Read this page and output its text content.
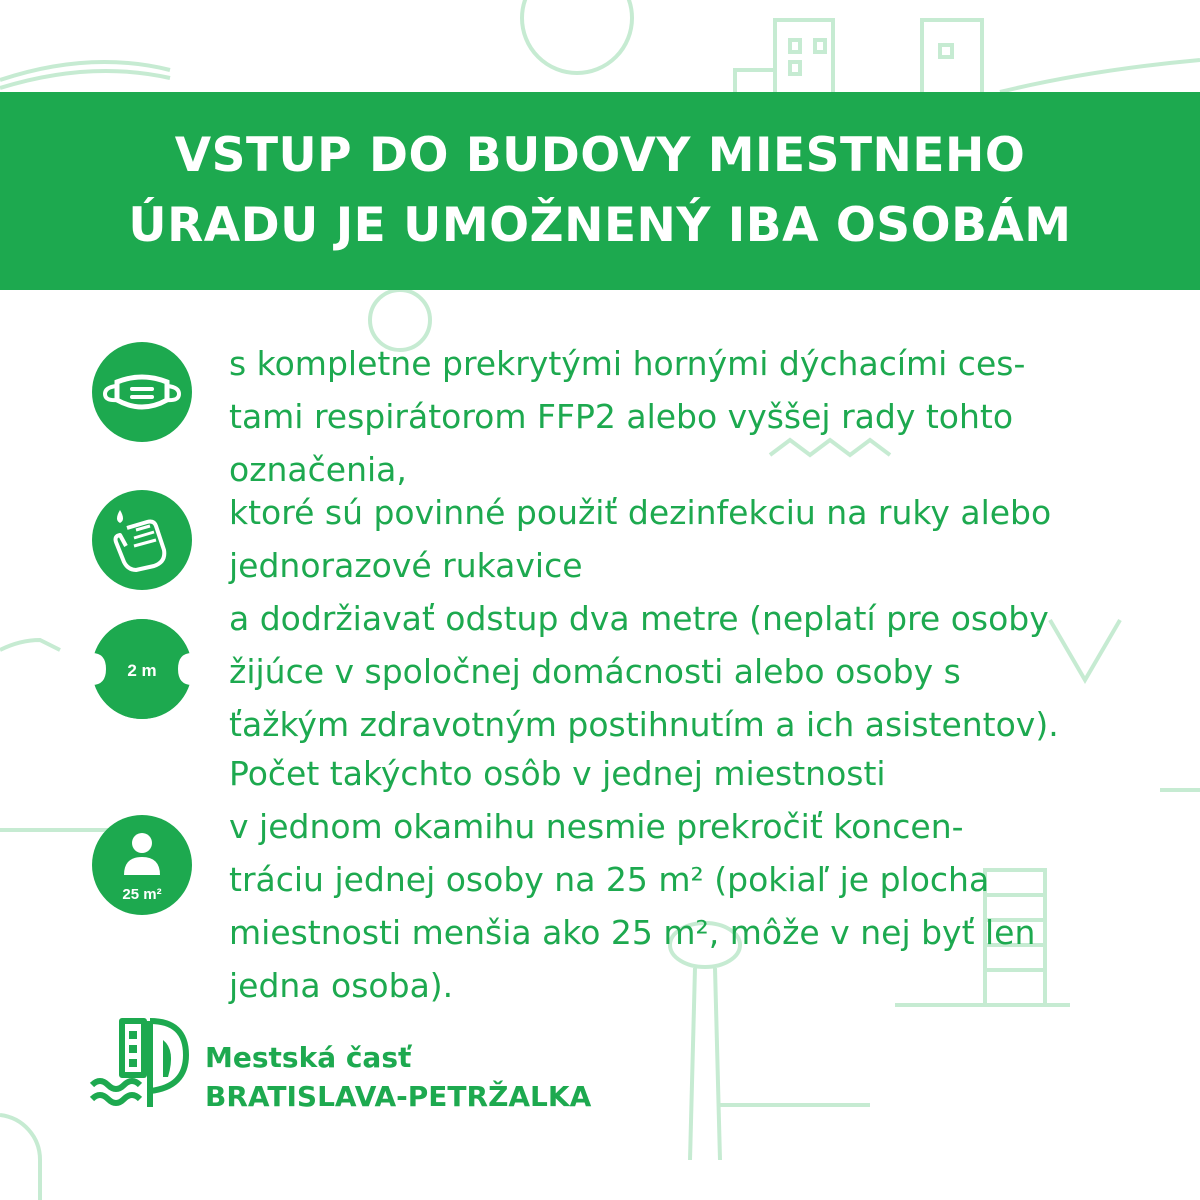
VSTUP DO BUDOVY MIESTNEHO
ÚRADU JE UMOŽNENÝ IBA OSOBÁM
s kompletne prekrytými hornými dýchacími ces-
tami respirátorom FFP2 alebo vyššej rady tohto
označenia,
ktoré sú povinné použiť dezinfekciu na ruky alebo
jednorazové rukavice
2 m
a dodržiavať odstup dva metre (neplatí pre osoby
žijúce v spoločnej domácnosti alebo osoby s
ťažkým zdravotným postihnutím a ich asistentov).
25 m²
Počet takýchto osôb v jednej miestnosti
v jednom okamihu nesmie prekročiť koncen-
tráciu jednej osoby na 25 m² (pokiaľ je plocha
miestnosti menšia ako 25 m², môže v nej byť len
jedna osoba).
Mestská časť
BRATISLAVA-PETRŽALKA
